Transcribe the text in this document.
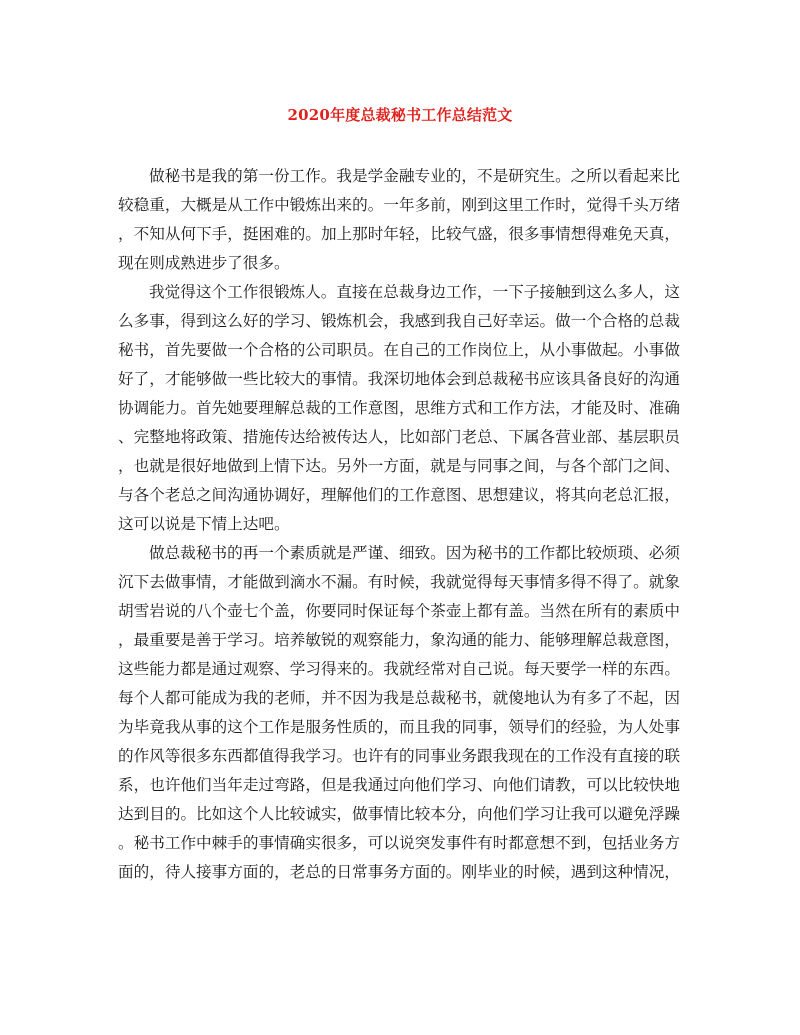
2020年度总裁秘书工作总结范文
做秘书是我的第一份工作。我是学金融专业的，不是研究生。之所以看起来比
较稳重，大概是从工作中锻炼出来的。一年多前，刚到这里工作时，觉得千头万绪
，不知从何下手，挺困难的。加上那时年轻，比较气盛，很多事情想得难免天真，
现在则成熟进步了很多。
我觉得这个工作很锻炼人。直接在总裁身边工作，一下子接触到这么多人，这
么多事，得到这么好的学习、锻炼机会，我感到我自己好幸运。做一个合格的总裁
秘书，首先要做一个合格的公司职员。在自己的工作岗位上，从小事做起。小事做
好了，才能够做一些比较大的事情。我深切地体会到总裁秘书应该具备良好的沟通
协调能力。首先她要理解总裁的工作意图，思维方式和工作方法，才能及时、准确
、完整地将政策、措施传达给被传达人，比如部门老总、下属各营业部、基层职员
，也就是很好地做到上情下达。另外一方面，就是与同事之间，与各个部门之间、
与各个老总之间沟通协调好，理解他们的工作意图、思想建议，将其向老总汇报，
这可以说是下情上达吧。
做总裁秘书的再一个素质就是严谨、细致。因为秘书的工作都比较烦琐、必须
沉下去做事情，才能做到滴水不漏。有时候，我就觉得每天事情多得不得了。就象
胡雪岩说的八个壶七个盖，你要同时保证每个茶壶上都有盖。当然在所有的素质中
，最重要是善于学习。培养敏锐的观察能力，象沟通的能力、能够理解总裁意图，
这些能力都是通过观察、学习得来的。我就经常对自己说。每天要学一样的东西。
每个人都可能成为我的老师，并不因为我是总裁秘书，就傻地认为有多了不起，因
为毕竟我从事的这个工作是服务性质的，而且我的同事，领导们的经验，为人处事
的作风等很多东西都值得我学习。也许有的同事业务跟我现在的工作没有直接的联
系，也许他们当年走过弯路，但是我通过向他们学习、向他们请教，可以比较快地
达到目的。比如这个人比较诚实，做事情比较本分，向他们学习让我可以避免浮躁
。秘书工作中棘手的事情确实很多，可以说突发事件有时都意想不到，包括业务方
面的，待人接事方面的，老总的日常事务方面的。刚毕业的时候，遇到这种情况，
